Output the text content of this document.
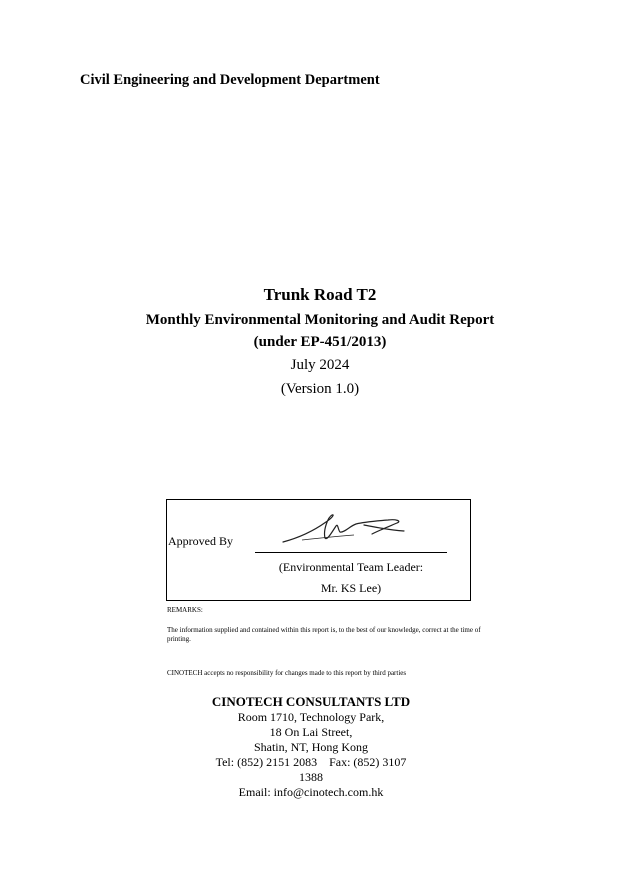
Civil Engineering and Development Department

Trunk Road T2
Monthly Environmental Monitoring and Audit Report
(under EP-451/2013)
July 2024
(Version 1.0)
Approved By
(Environmental Team Leader:
Mr. KS Lee)
REMARKS:
The information supplied and contained within this report is, to the best of our knowledge, correct at the time of printing.
CINOTECH accepts no responsibility for changes made to this report by third parties

CINOTECH CONSULTANTS LTD

Room 1710, Technology Park,

18 On Lai Street,

Shatin, NT, Hong Kong

Tel: (852) 2151 2083    Fax: (852) 3107

1388

Email: info@cinotech.com.hk
